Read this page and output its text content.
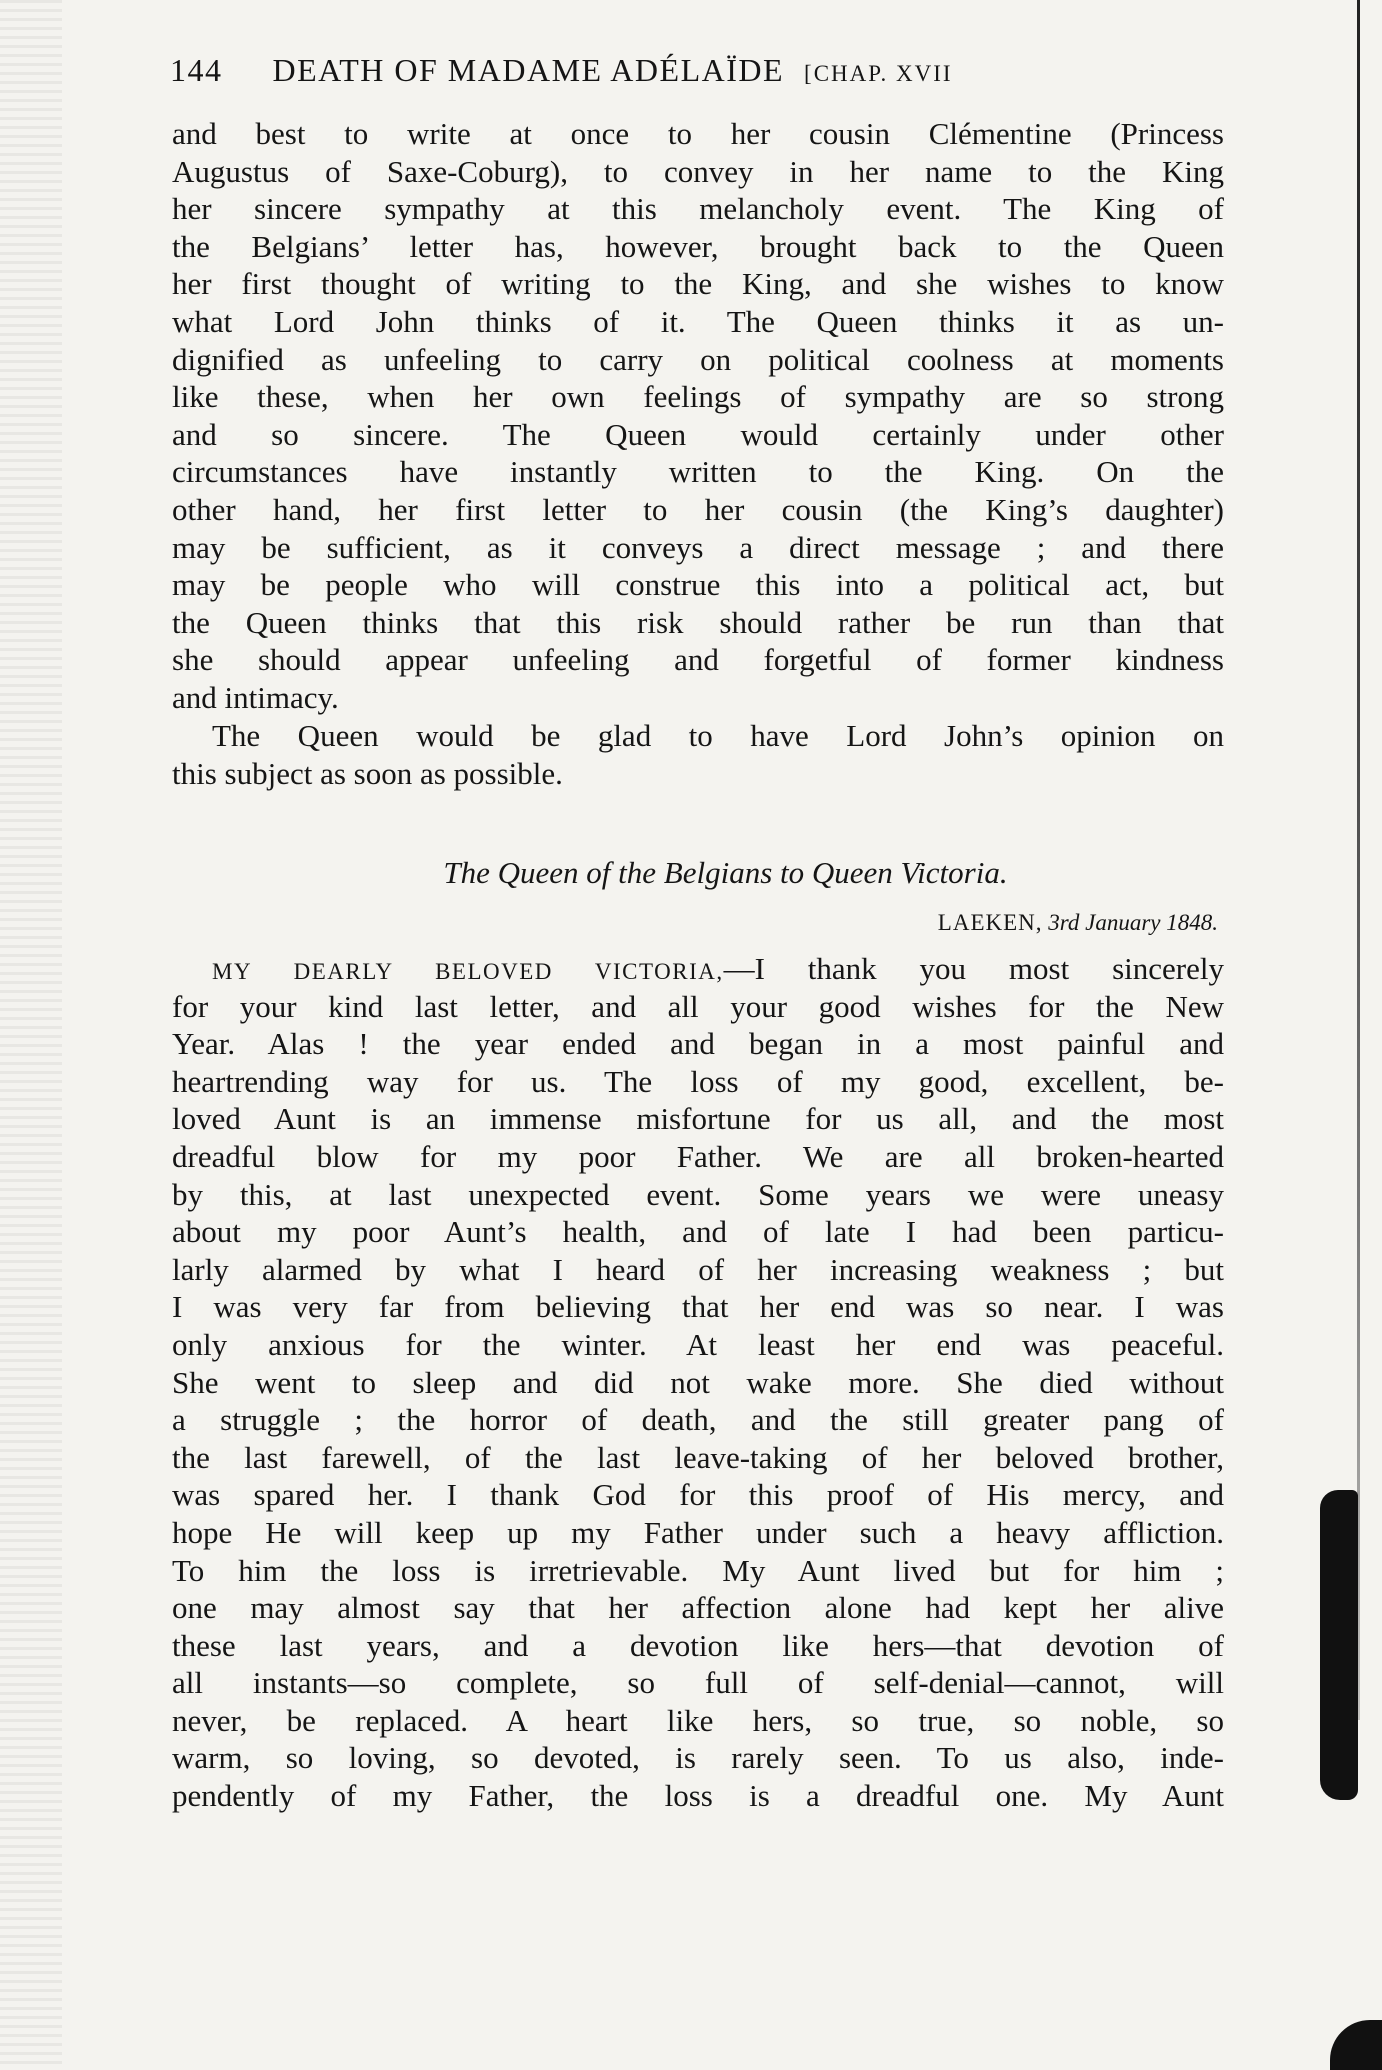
144 DEATH OF MADAME ADÉLAÏDE [CHAP. XVII
and best to write at once to her cousin Clémentine (Princess
Augustus of Saxe-Coburg), to convey in her name to the King
her sincere sympathy at this melancholy event. The King of
the Belgians’ letter has, however, brought back to the Queen
her first thought of writing to the King, and she wishes to know
what Lord John thinks of it. The Queen thinks it as un-
dignified as unfeeling to carry on political coolness at moments
like these, when her own feelings of sympathy are so strong
and so sincere. The Queen would certainly under other
circumstances have instantly written to the King. On the
other hand, her first letter to her cousin (the King’s daughter)
may be sufficient, as it conveys a direct message ; and there
may be people who will construe this into a political act, but
the Queen thinks that this risk should rather be run than that
she should appear unfeeling and forgetful of former kindness
and intimacy.
The Queen would be glad to have Lord John’s opinion on
this subject as soon as possible.
The Queen of the Belgians to Queen Victoria.
LAEKEN, 3rd January 1848.
MY DEARLY BELOVED VICTORIA,—I thank you most sincerely
for your kind last letter, and all your good wishes for the New
Year. Alas ! the year ended and began in a most painful and
heartrending way for us. The loss of my good, excellent, be-
loved Aunt is an immense misfortune for us all, and the most
dreadful blow for my poor Father. We are all broken-hearted
by this, at last unexpected event. Some years we were uneasy
about my poor Aunt’s health, and of late I had been particu-
larly alarmed by what I heard of her increasing weakness ; but
I was very far from believing that her end was so near. I was
only anxious for the winter. At least her end was peaceful.
She went to sleep and did not wake more. She died without
a struggle ; the horror of death, and the still greater pang of
the last farewell, of the last leave-taking of her beloved brother,
was spared her. I thank God for this proof of His mercy, and
hope He will keep up my Father under such a heavy affliction.
To him the loss is irretrievable. My Aunt lived but for him ;
one may almost say that her affection alone had kept her alive
these last years, and a devotion like hers—that devotion of
all instants—so complete, so full of self-denial—cannot, will
never, be replaced. A heart like hers, so true, so noble, so
warm, so loving, so devoted, is rarely seen. To us also, inde-
pendently of my Father, the loss is a dreadful one. My Aunt
